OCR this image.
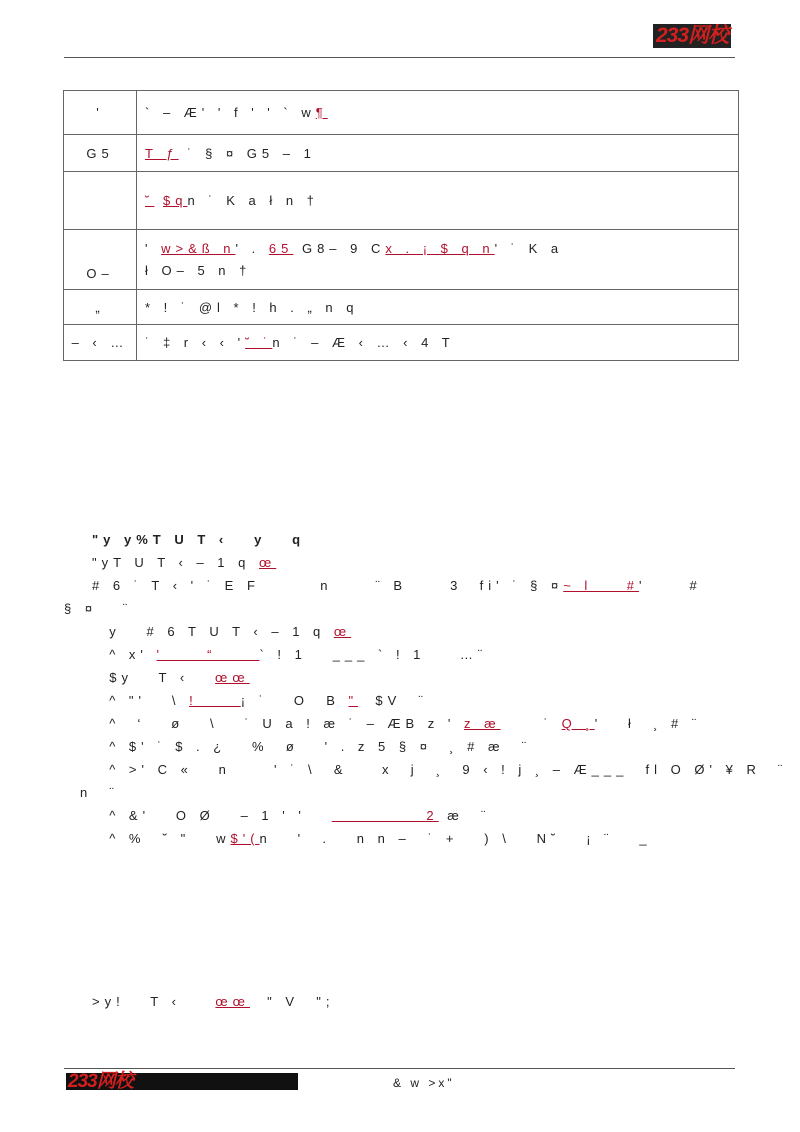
233网校
'	` – Æ' ' f ' ' ` w¶
G5	T ƒ ˙ § ¤ G5 – 1
	˘ $qn ˙ K a ł n †
O–	' w>&ß n' . 65 G8– 9 Cx . ¡ $ q n' ˙ K a
ł O– 5 n †
„	* ! ˙ @l * ! h . „ n q
– ‹ …	˙ ‡ r ‹ ‹ '˘ ˙n ˙ – Æ ‹ … ‹ 4 T

"y y%T U T ‹   y   q

"yT U T ‹ – 1 q œ

# 6 ˙ T ‹ ' ˙ E F       n     ¨ B     3  fi' ˙ § ¤~ l    #'     #

§ ¤   ¨

y   # 6 T U T ‹ – 1 q œ

^ x' '     “     ` ! 1   ___ ` ! 1    …¨

$y   T ‹   œœ

^ "'   \ !     ¡ ˙   O  B "  $V  ¨

^  ‘   ø   \   ˙ U a ! æ ˙ – ÆB z ' z æ     ˙ Q ¸'   ł  ¸ # ¨

^ $' ˙ $ . ¿   %  ø   ' . z 5 § ¤  ¸ # æ  ¨

^ >' C «   n     ' ˙ \  &    x  j  ¸  9 ‹ ! j ¸ – Æ___  fl O Ø' ¥ R  ¨

n  ¨

^ &'   O Ø   – 1 ' '              2 æ  ¨

^ %  ˘ "   w$'(n   '  .   n n –  ˙ +   ) \   N˘   ¡ ¨   _

>y!   T ‹    œœ  " V  ";

233网校	& w >x"
